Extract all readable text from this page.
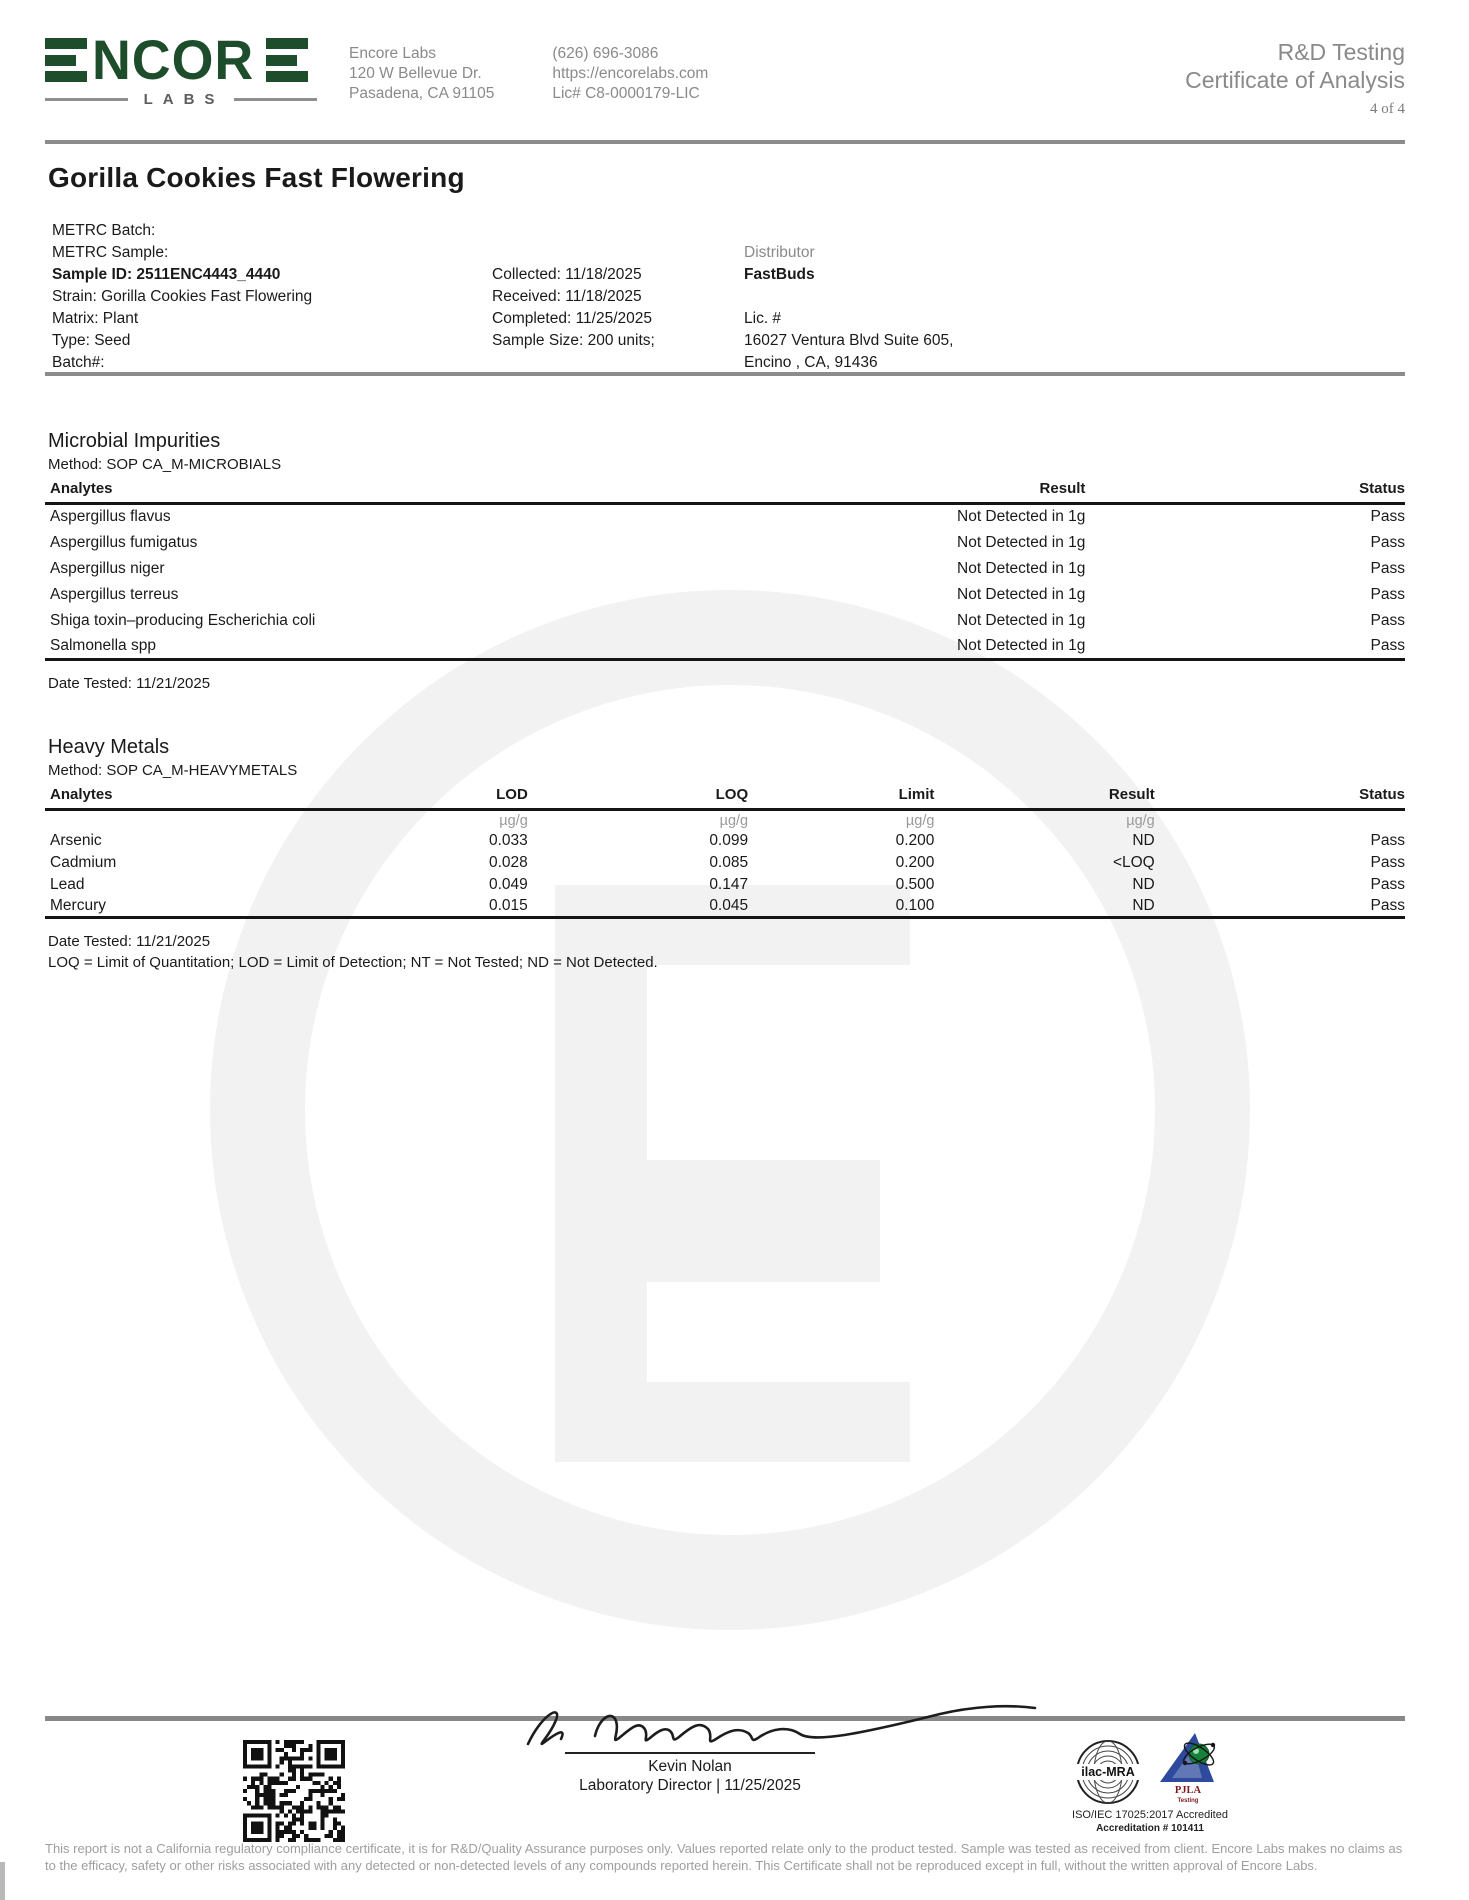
NCOR
LABS
Encore Labs
120 W Bellevue Dr.
Pasadena, CA 91105
(626) 696-3086
https://encorelabs.com
Lic# C8-0000179-LIC
R&D Testing
Certificate of Analysis
4 of 4
Gorilla Cookies Fast Flowering
METRC Batch:
METRC Sample:
Sample ID: 2511ENC4443_4440
Strain: Gorilla Cookies Fast Flowering
Matrix: Plant
Type: Seed
Batch#:
Collected: 11/18/2025
Received: 11/18/2025
Completed: 11/25/2025
Sample Size: 200 units;
Distributor
FastBuds
Lic. #
16027 Ventura Blvd Suite 605,
Encino , CA, 91436
Microbial Impurities
Method: SOP CA_M-MICROBIALS
Analytes	Result	Status
Aspergillus flavus	Not Detected in 1g	Pass
Aspergillus fumigatus	Not Detected in 1g	Pass
Aspergillus niger	Not Detected in 1g	Pass
Aspergillus terreus	Not Detected in 1g	Pass
Shiga toxin–producing Escherichia coli	Not Detected in 1g	Pass
Salmonella spp	Not Detected in 1g	Pass
Date Tested: 11/21/2025
Heavy Metals
Method: SOP CA_M-HEAVYMETALS
Analytes	LOD	LOQ	Limit	Result	Status
	µg/g	µg/g	µg/g	µg/g	
Arsenic	0.033	0.099	0.200	ND	Pass
Cadmium	0.028	0.085	0.200	<LOQ	Pass
Lead	0.049	0.147	0.500	ND	Pass
Mercury	0.015	0.045	0.100	ND	Pass
Date Tested: 11/21/2025
LOQ = Limit of Quantitation; LOD = Limit of Detection; NT = Not Tested; ND = Not Detected.
Kevin Nolan
Laboratory Director | 11/25/2025
ilac-MRA
PJLA
Testing
ISO/IEC 17025:2017 Accredited
Accreditation # 101411
This report is not a California regulatory compliance certificate, it is for R&D/Quality Assurance purposes only. Values reported relate only to the product tested. Sample was tested as received from client. Encore Labs makes no claims as to the efficacy, safety or other risks associated with any detected or non-detected levels of any compounds reported herein. This Certificate shall not be reproduced except in full, without the written approval of Encore Labs.
